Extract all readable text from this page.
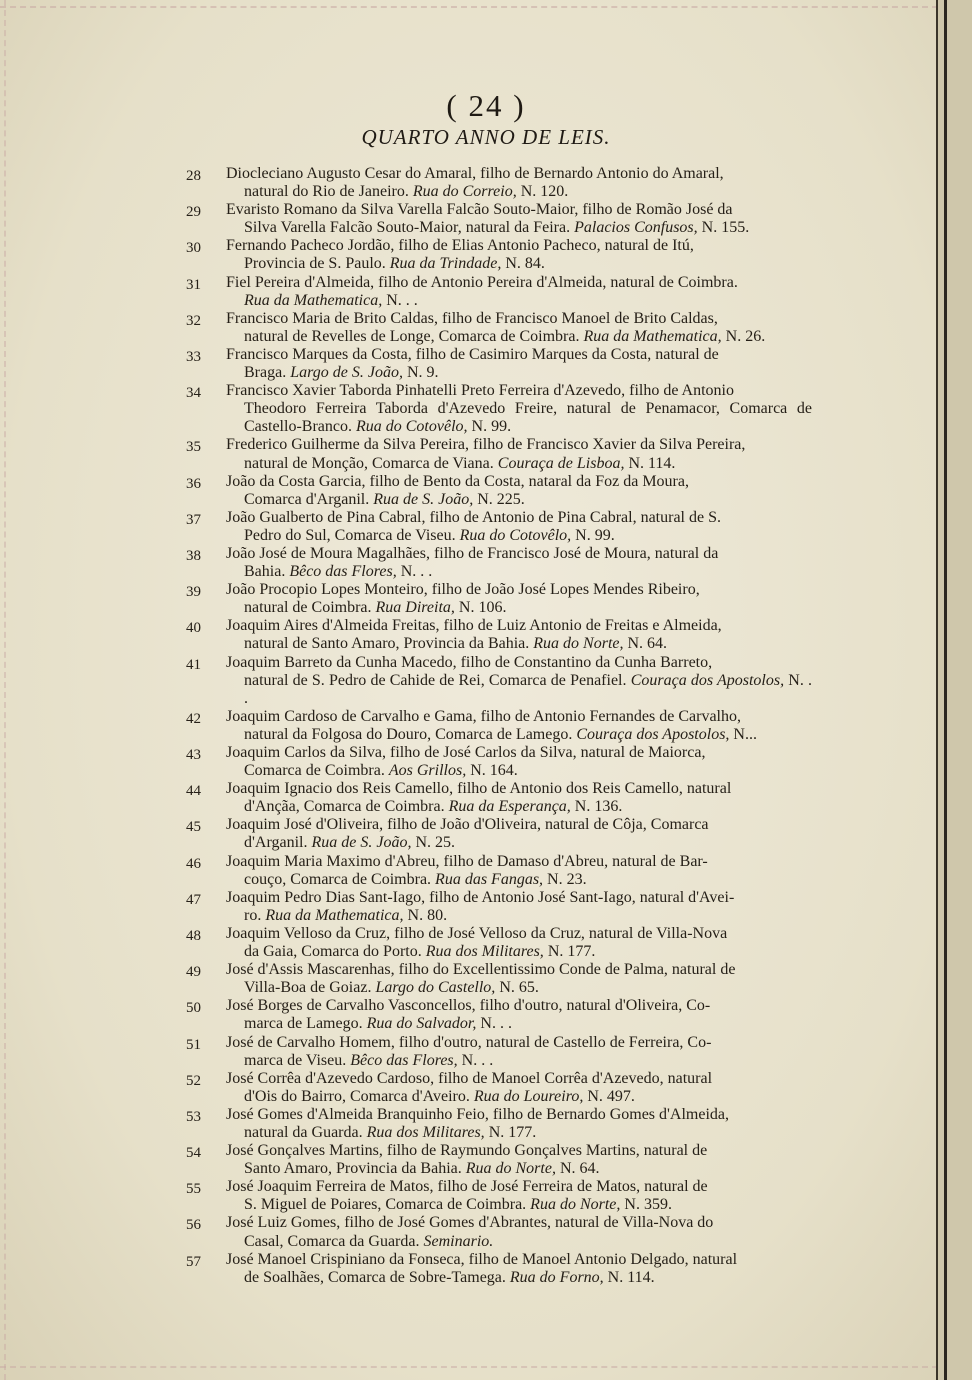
( 24 )
QUARTO ANNO DE LEIS.
28	Diocleciano Augusto Cesar do Amaral, filho de Bernardo Antonio do Amaral,
natural do Rio de Janeiro. Rua do Correio, N. 120.
29	Evaristo Romano da Silva Varella Falcão Souto-Maior, filho de Romão José da
Silva Varella Falcão Souto-Maior, natural da Feira. Palacios Confusos, N. 155.
30	Fernando Pacheco Jordão, filho de Elias Antonio Pacheco, natural de Itú,
Provincia de S. Paulo. Rua da Trindade, N. 84.
31	Fiel Pereira d'Almeida, filho de Antonio Pereira d'Almeida, natural de Coimbra.
Rua da Mathematica, N. . .
32	Francisco Maria de Brito Caldas, filho de Francisco Manoel de Brito Caldas,
natural de Revelles de Longe, Comarca de Coimbra. Rua da Mathematica, N. 26.
33	Francisco Marques da Costa, filho de Casimiro Marques da Costa, natural de
Braga. Largo de S. João, N. 9.
34	Francisco Xavier Taborda Pinhatelli Preto Ferreira d'Azevedo, filho de Antonio
Theodoro Ferreira Taborda d'Azevedo Freire, natural de Penamacor, Comarca de Castello-Branco. Rua do Cotovêlo, N. 99.
35	Frederico Guilherme da Silva Pereira, filho de Francisco Xavier da Silva Pereira,
natural de Monção, Comarca de Viana. Couraça de Lisboa, N. 114.
36	João da Costa Garcia, filho de Bento da Costa, nataral da Foz da Moura,
Comarca d'Arganil. Rua de S. João, N. 225.
37	João Gualberto de Pina Cabral, filho de Antonio de Pina Cabral, natural de S.
Pedro do Sul, Comarca de Viseu. Rua do Cotovêlo, N. 99.
38	João José de Moura Magalhães, filho de Francisco José de Moura, natural da
Bahia. Bêco das Flores, N. . .
39	João Procopio Lopes Monteiro, filho de João José Lopes Mendes Ribeiro,
natural de Coimbra. Rua Direita, N. 106.
40	Joaquim Aires d'Almeida Freitas, filho de Luiz Antonio de Freitas e Almeida,
natural de Santo Amaro, Provincia da Bahia. Rua do Norte, N. 64.
41	Joaquim Barreto da Cunha Macedo, filho de Constantino da Cunha Barreto,
natural de S. Pedro de Cahide de Rei, Comarca de Penafiel. Couraça dos Apostolos, N. . .
42	Joaquim Cardoso de Carvalho e Gama, filho de Antonio Fernandes de Carvalho,
natural da Folgosa do Douro, Comarca de Lamego. Couraça dos Apostolos, N...
43	Joaquim Carlos da Silva, filho de José Carlos da Silva, natural de Maiorca,
Comarca de Coimbra. Aos Grillos, N. 164.
44	Joaquim Ignacio dos Reis Camello, filho de Antonio dos Reis Camello, natural
d'Ançãa, Comarca de Coimbra. Rua da Esperança, N. 136.
45	Joaquim José d'Oliveira, filho de João d'Oliveira, natural de Côja, Comarca
d'Arganil. Rua de S. João, N. 25.
46	Joaquim Maria Maximo d'Abreu, filho de Damaso d'Abreu, natural de Bar-
couço, Comarca de Coimbra. Rua das Fangas, N. 23.
47	Joaquim Pedro Dias Sant-Iago, filho de Antonio José Sant-Iago, natural d'Avei-
ro. Rua da Mathematica, N. 80.
48	Joaquim Velloso da Cruz, filho de José Velloso da Cruz, natural de Villa-Nova
da Gaia, Comarca do Porto. Rua dos Militares, N. 177.
49	José d'Assis Mascarenhas, filho do Excellentissimo Conde de Palma, natural de
Villa-Boa de Goiaz. Largo do Castello, N. 65.
50	José Borges de Carvalho Vasconcellos, filho d'outro, natural d'Oliveira, Co-
marca de Lamego. Rua do Salvador, N. . .
51	José de Carvalho Homem, filho d'outro, natural de Castello de Ferreira, Co-
marca de Viseu. Bêco das Flores, N. . .
52	José Corrêa d'Azevedo Cardoso, filho de Manoel Corrêa d'Azevedo, natural
d'Ois do Bairro, Comarca d'Aveiro. Rua do Loureiro, N. 497.
53	José Gomes d'Almeida Branquinho Feio, filho de Bernardo Gomes d'Almeida,
natural da Guarda. Rua dos Militares, N. 177.
54	José Gonçalves Martins, filho de Raymundo Gonçalves Martins, natural de
Santo Amaro, Provincia da Bahia. Rua do Norte, N. 64.
55	José Joaquim Ferreira de Matos, filho de José Ferreira de Matos, natural de
S. Miguel de Poiares, Comarca de Coimbra. Rua do Norte, N. 359.
56	José Luiz Gomes, filho de José Gomes d'Abrantes, natural de Villa-Nova do
Casal, Comarca da Guarda. Seminario.
57	José Manoel Crispiniano da Fonseca, filho de Manoel Antonio Delgado, natural
de Soalhães, Comarca de Sobre-Tamega. Rua do Forno, N. 114.
